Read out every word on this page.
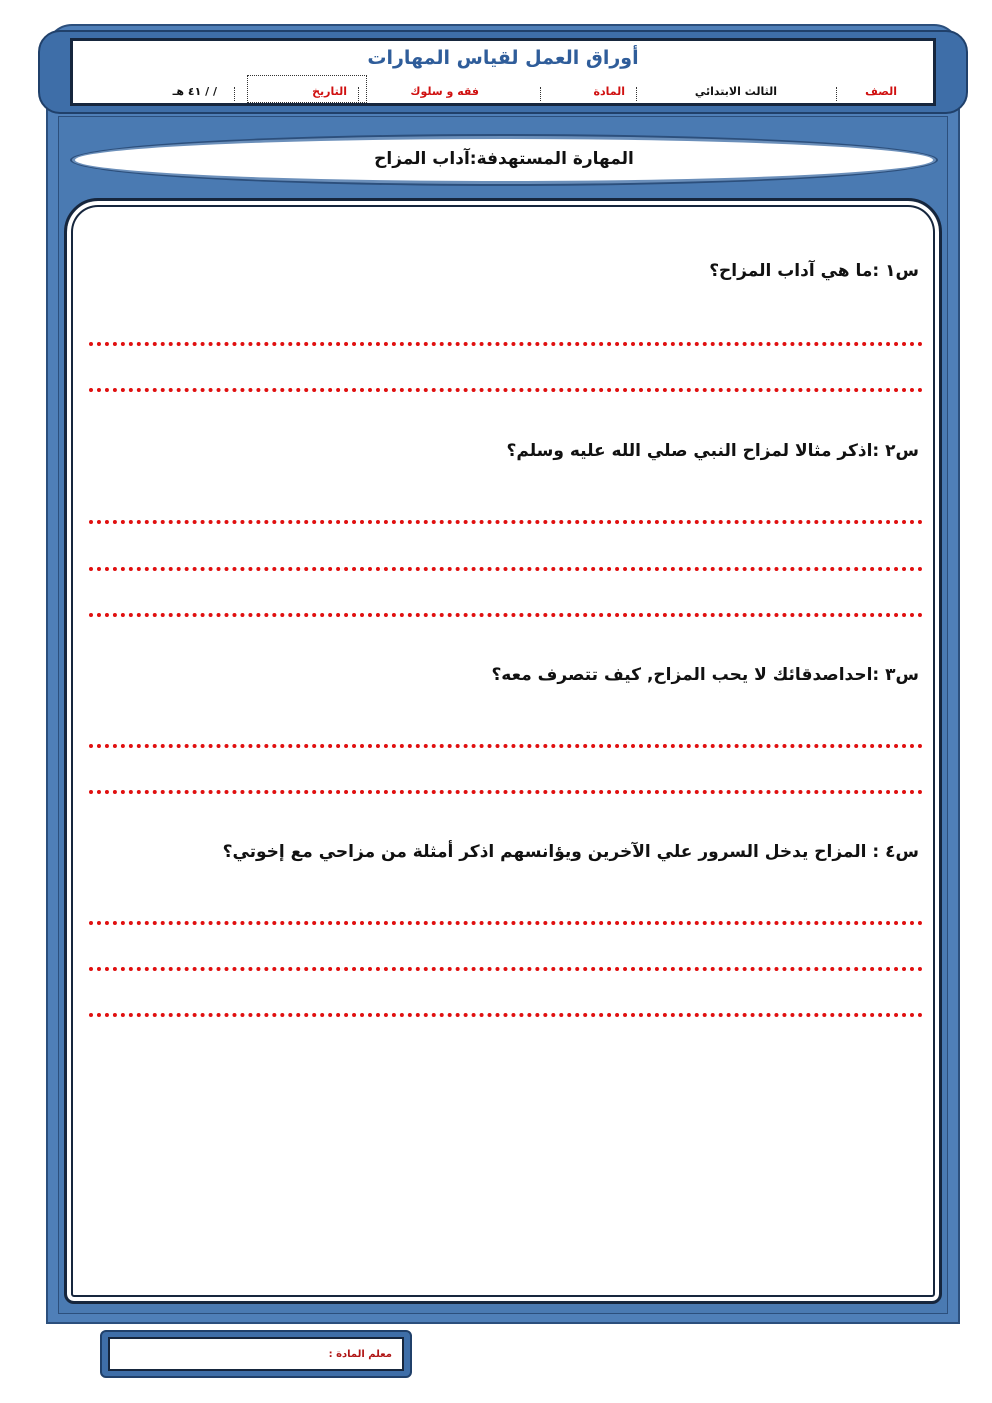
أوراق العمل لقياس المهارات
الصف
الثالث الابتدائي
المادة
فقه و سلوك
التاريخ
/ / ٤١ هـ
المهارة المستهدفة:آداب المزاح
س١ :ما هي آداب المزاح؟
س٢ :اذكر مثالا لمزاح النبي صلي الله عليه وسلم؟
س٣ :احداصدقائك لا يحب المزاح, كيف تتصرف معه؟
س٤ : المزاح يدخل السرور علي الآخرين ويؤانسهم اذكر أمثلة من مزاحي مع إخوتي؟
معلم المادة :
